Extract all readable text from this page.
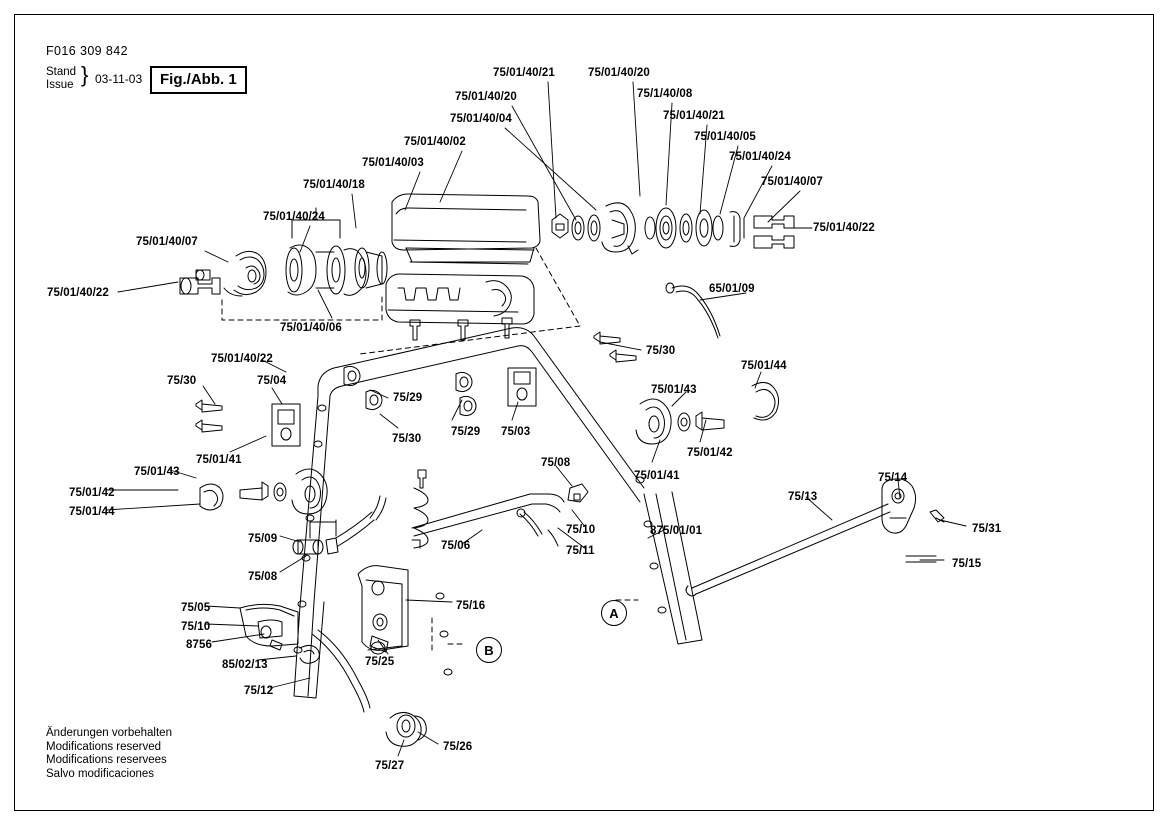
F016 309 842
Stand
Issue } 03-11-03	Fig./Abb. 1
Änderungen vorbehalten
Modifications reserved
Modifications reservees
Salvo modificaciones
A
B
75/01/40/21	75/01/40/20
75/1/40/08
75/01/40/20
75/01/40/21
75/01/40/04
75/01/40/05
75/01/40/02
75/01/40/24
75/01/40/03
75/01/40/07
75/01/40/18
75/01/40/24
75/01/40/22
75/01/40/07
75/01/40/22
75/01/40/06
65/01/09
75/30
75/01/44
75/01/40/22
75/30	75/04
75/29
75/01/43
75/29 75/03
75/30
75/01/42
75/01/41
75/01/41
75/01/43
75/08
75/01/42
75/14
75/13
75/01/44
75/09
75/10	875/01/01	75/31
75/06	75/11
75/15
75/08
75/16
75/05
75/10
8756
75/25
85/02/13
75/12
75/26
75/27
